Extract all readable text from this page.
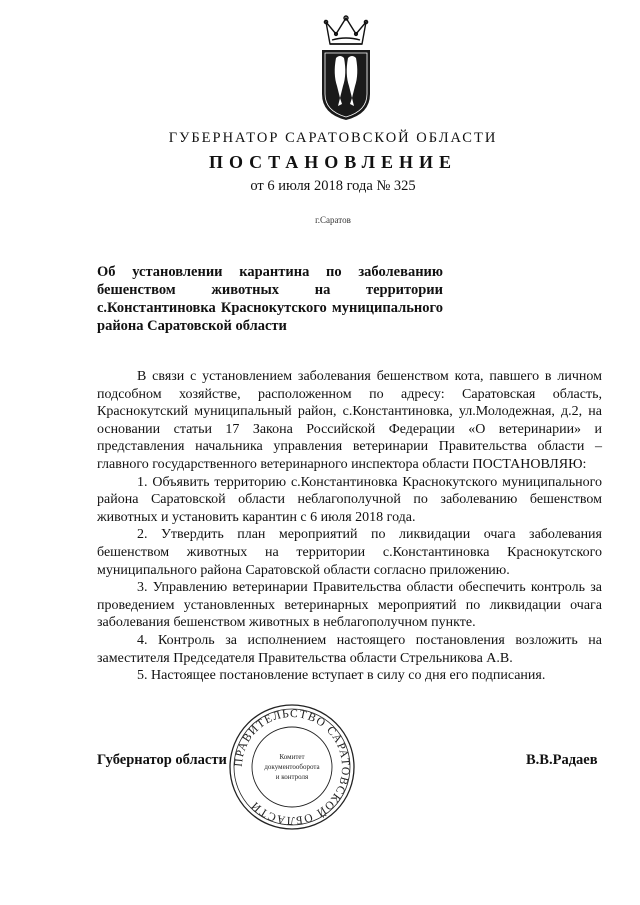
ГУБЕРНАТОР САРАТОВСКОЙ ОБЛАСТИ
ПОСТАНОВЛЕНИЕ
от 6 июля 2018 года № 325
г.Саратов
Об установлении карантина по заболеванию бешенством животных на территории с.Константиновка Краснокутского муниципального района Саратовской области

В связи с установлением заболевания бешенством кота, павшего в личном подсобном хозяйстве, расположенном по адресу: Саратовская область, Краснокутский муниципальный район, с.Константиновка, ул.Молодежная, д.2, на основании статьи 17 Закона Российской Федерации «О ветеринарии» и представления начальника управления ветеринарии Правительства области – главного государственного ветеринарного инспектора области ПОСТАНОВЛЯЮ:

1. Объявить территорию с.Константиновка Краснокутского муниципального района Саратовской области неблагополучной по заболеванию бешенством животных и установить карантин с 6 июля 2018 года.

2. Утвердить план мероприятий по ликвидации очага заболевания бешенством животных на территории с.Константиновка Краснокутского муниципального района Саратовской области согласно приложению.

3. Управлению ветеринарии Правительства области обеспечить контроль за проведением установленных ветеринарных мероприятий по ликвидации очага заболевания бешенством животных в неблагополучном пункте.

4. Контроль за исполнением настоящего постановления возложить на заместителя Председателя Правительства области Стрельникова А.В.

5. Настоящее постановление вступает в силу со дня его подписания.

Губернатор области	В.В.Радаев
ПРАВИТЕЛЬСТВО САРАТОВСКОЙ ОБЛАСТИ
Комитет
документооборота
и контроля
